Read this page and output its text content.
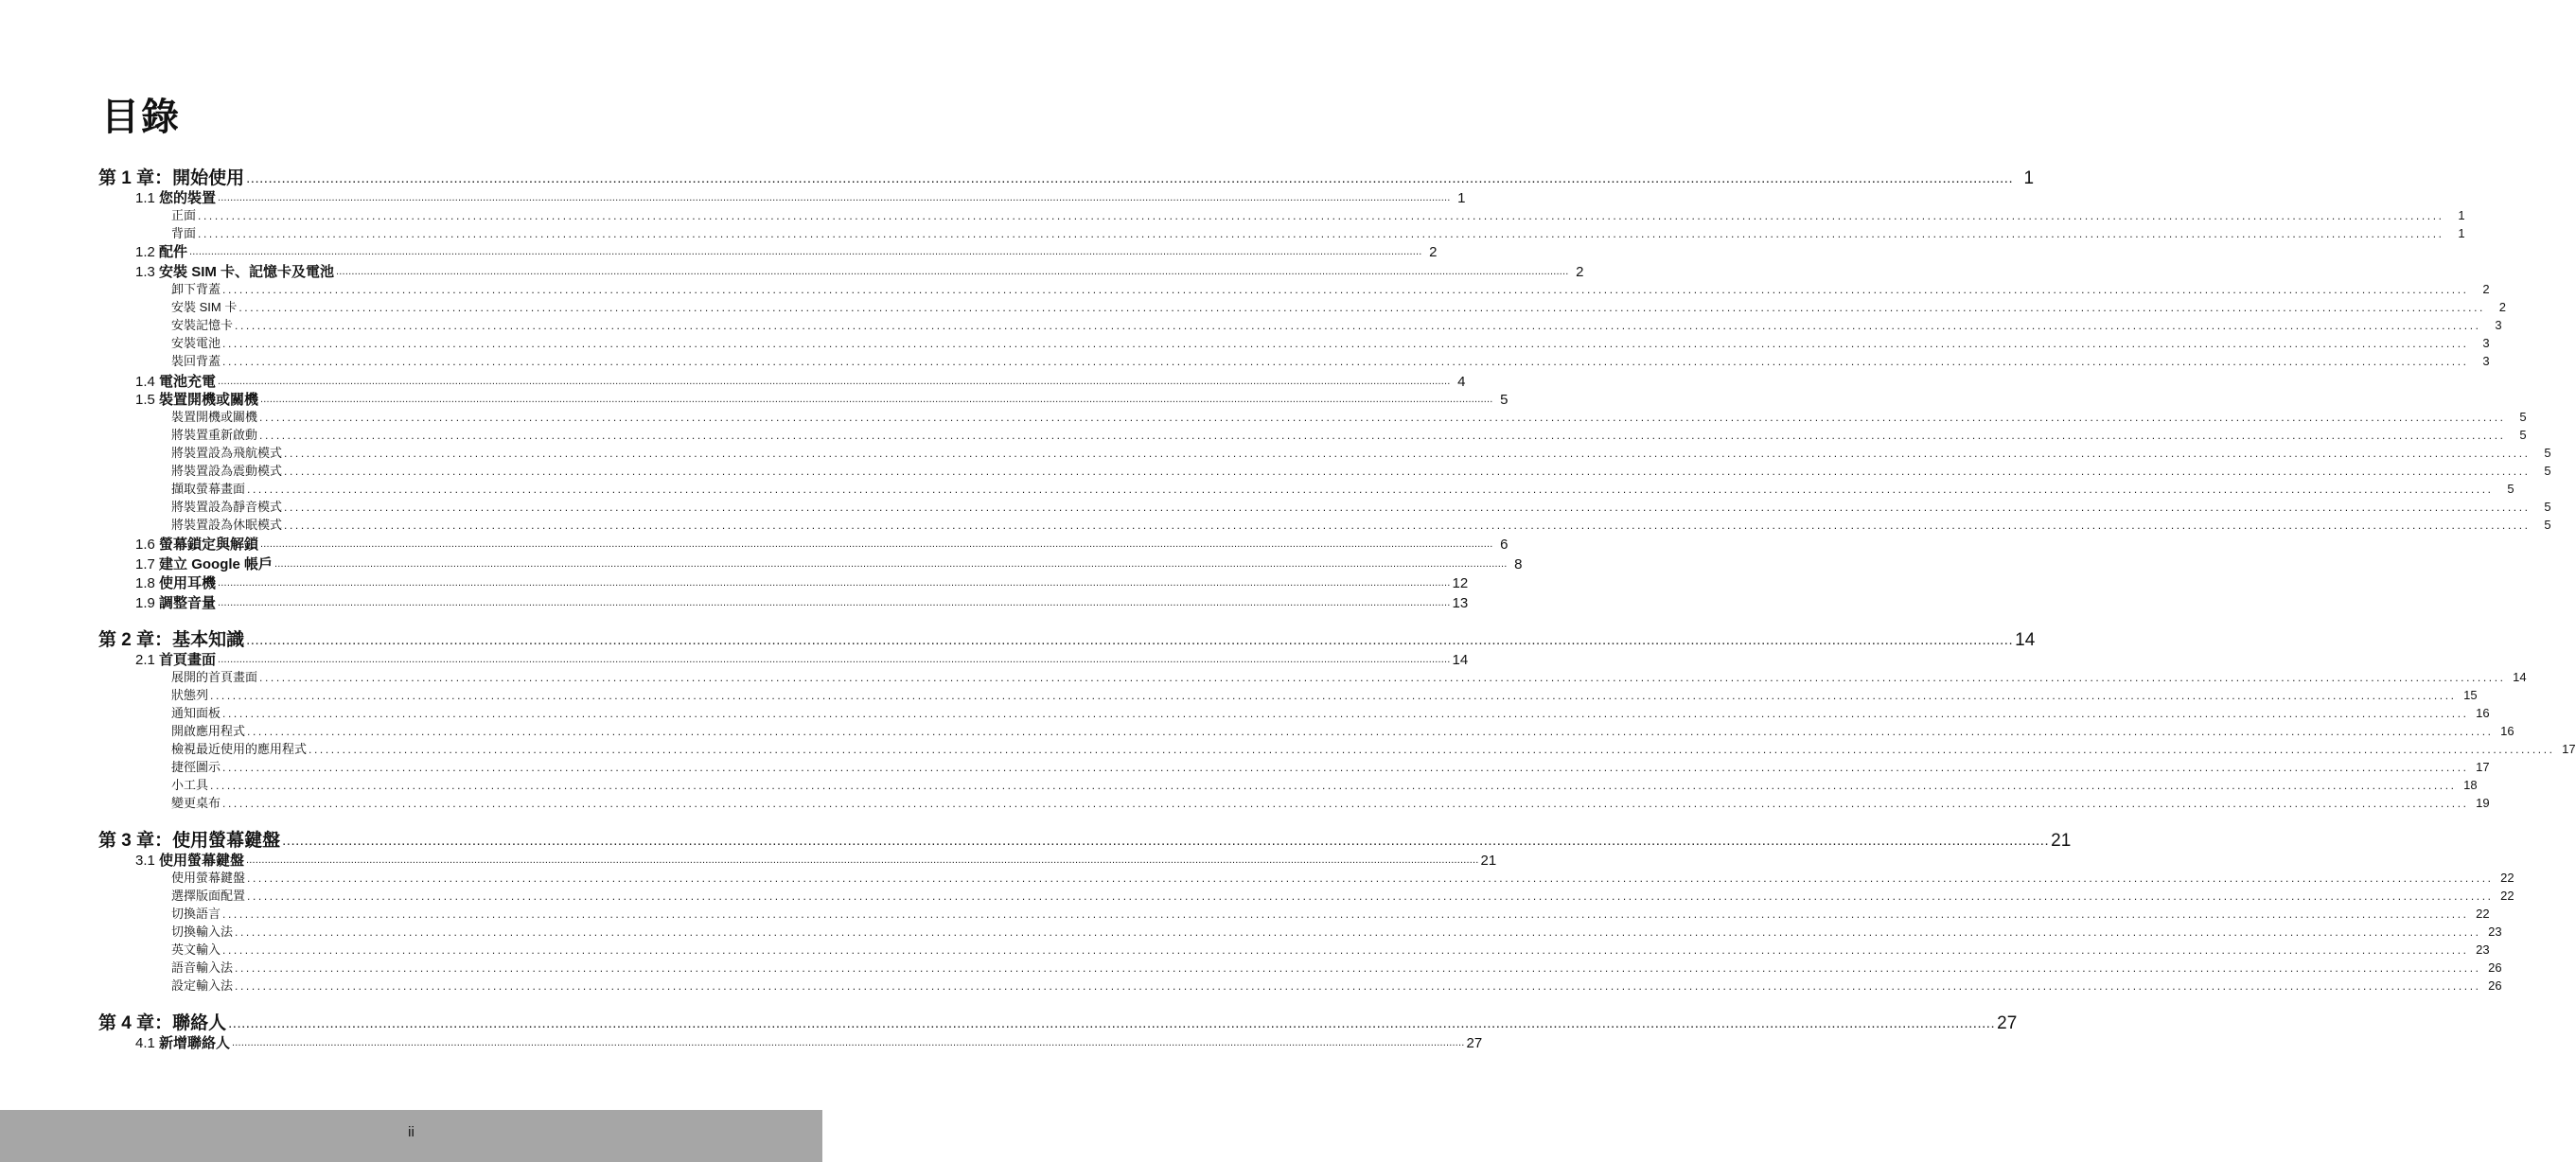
目錄
第 1 章：開始使用 ................................................................................................................................................................................................................................................................................................................................................................................................................ 1
1.1 您的裝置 ................................................................................................................................................................................................................................................................................................................................................................................................................ 1
正面 ................................................................................................................................................................................................................................................................................................................................................................................................................	1
背面 ................................................................................................................................................................................................................................................................................................................................................................................................................	1
1.2 配件 ................................................................................................................................................................................................................................................................................................................................................................................................................ 2
1.3 安裝 SIM 卡、記憶卡及電池 ................................................................................................................................................................................................................................................................................................................................................................................................................ 2
卸下背蓋 ................................................................................................................................................................................................................................................................................................................................................................................................................	2
安裝 SIM 卡 ................................................................................................................................................................................................................................................................................................................................................................................................................	2
安裝記憶卡 ................................................................................................................................................................................................................................................................................................................................................................................................................	3
安裝電池 ................................................................................................................................................................................................................................................................................................................................................................................................................	3
裝回背蓋 ................................................................................................................................................................................................................................................................................................................................................................................................................	3
1.4 電池充電 ................................................................................................................................................................................................................................................................................................................................................................................................................ 4
1.5 裝置開機或關機 ................................................................................................................................................................................................................................................................................................................................................................................................................ 5
裝置開機或關機 ................................................................................................................................................................................................................................................................................................................................................................................................................	5
將裝置重新啟動 ................................................................................................................................................................................................................................................................................................................................................................................................................	5
將裝置設為飛航模式 ................................................................................................................................................................................................................................................................................................................................................................................................................	5
將裝置設為震動模式 ................................................................................................................................................................................................................................................................................................................................................................................................................	5
擷取螢幕畫面 ................................................................................................................................................................................................................................................................................................................................................................................................................	5
將裝置設為靜音模式 ................................................................................................................................................................................................................................................................................................................................................................................................................	5
將裝置設為休眠模式 ................................................................................................................................................................................................................................................................................................................................................................................................................	5
1.6 螢幕鎖定與解鎖 ................................................................................................................................................................................................................................................................................................................................................................................................................ 6
1.7 建立 Google 帳戶 ................................................................................................................................................................................................................................................................................................................................................................................................................ 8
1.8 使用耳機 ................................................................................................................................................................................................................................................................................................................................................................................................................ 12
1.9 調整音量 ................................................................................................................................................................................................................................................................................................................................................................................................................ 13
第 2 章：基本知識 ................................................................................................................................................................................................................................................................................................................................................................................................................ 14
2.1 首頁畫面 ................................................................................................................................................................................................................................................................................................................................................................................................................ 14
展開的首頁畫面 ................................................................................................................................................................................................................................................................................................................................................................................................................ 14
狀態列 ................................................................................................................................................................................................................................................................................................................................................................................................................ 15
通知面板 ................................................................................................................................................................................................................................................................................................................................................................................................................ 16
開啟應用程式 ................................................................................................................................................................................................................................................................................................................................................................................................................ 16
檢視最近使用的應用程式 ................................................................................................................................................................................................................................................................................................................................................................................................................ 17
捷徑圖示 ................................................................................................................................................................................................................................................................................................................................................................................................................ 17
小工具 ................................................................................................................................................................................................................................................................................................................................................................................................................ 18
變更桌布 ................................................................................................................................................................................................................................................................................................................................................................................................................ 19
第 3 章：使用螢幕鍵盤 ................................................................................................................................................................................................................................................................................................................................................................................................................ 21
3.1 使用螢幕鍵盤 ................................................................................................................................................................................................................................................................................................................................................................................................................ 21
使用螢幕鍵盤 ................................................................................................................................................................................................................................................................................................................................................................................................................ 22
選擇版面配置 ................................................................................................................................................................................................................................................................................................................................................................................................................ 22
切換語言 ................................................................................................................................................................................................................................................................................................................................................................................................................ 22
切換輸入法 ................................................................................................................................................................................................................................................................................................................................................................................................................ 23
英文輸入 ................................................................................................................................................................................................................................................................................................................................................................................................................ 23
語音輸入法 ................................................................................................................................................................................................................................................................................................................................................................................................................ 26
設定輸入法 ................................................................................................................................................................................................................................................................................................................................................................................................................ 26
第 4 章：聯絡人 ................................................................................................................................................................................................................................................................................................................................................................................................................ 27
4.1 新增聯絡人 ................................................................................................................................................................................................................................................................................................................................................................................................................ 27
ii
